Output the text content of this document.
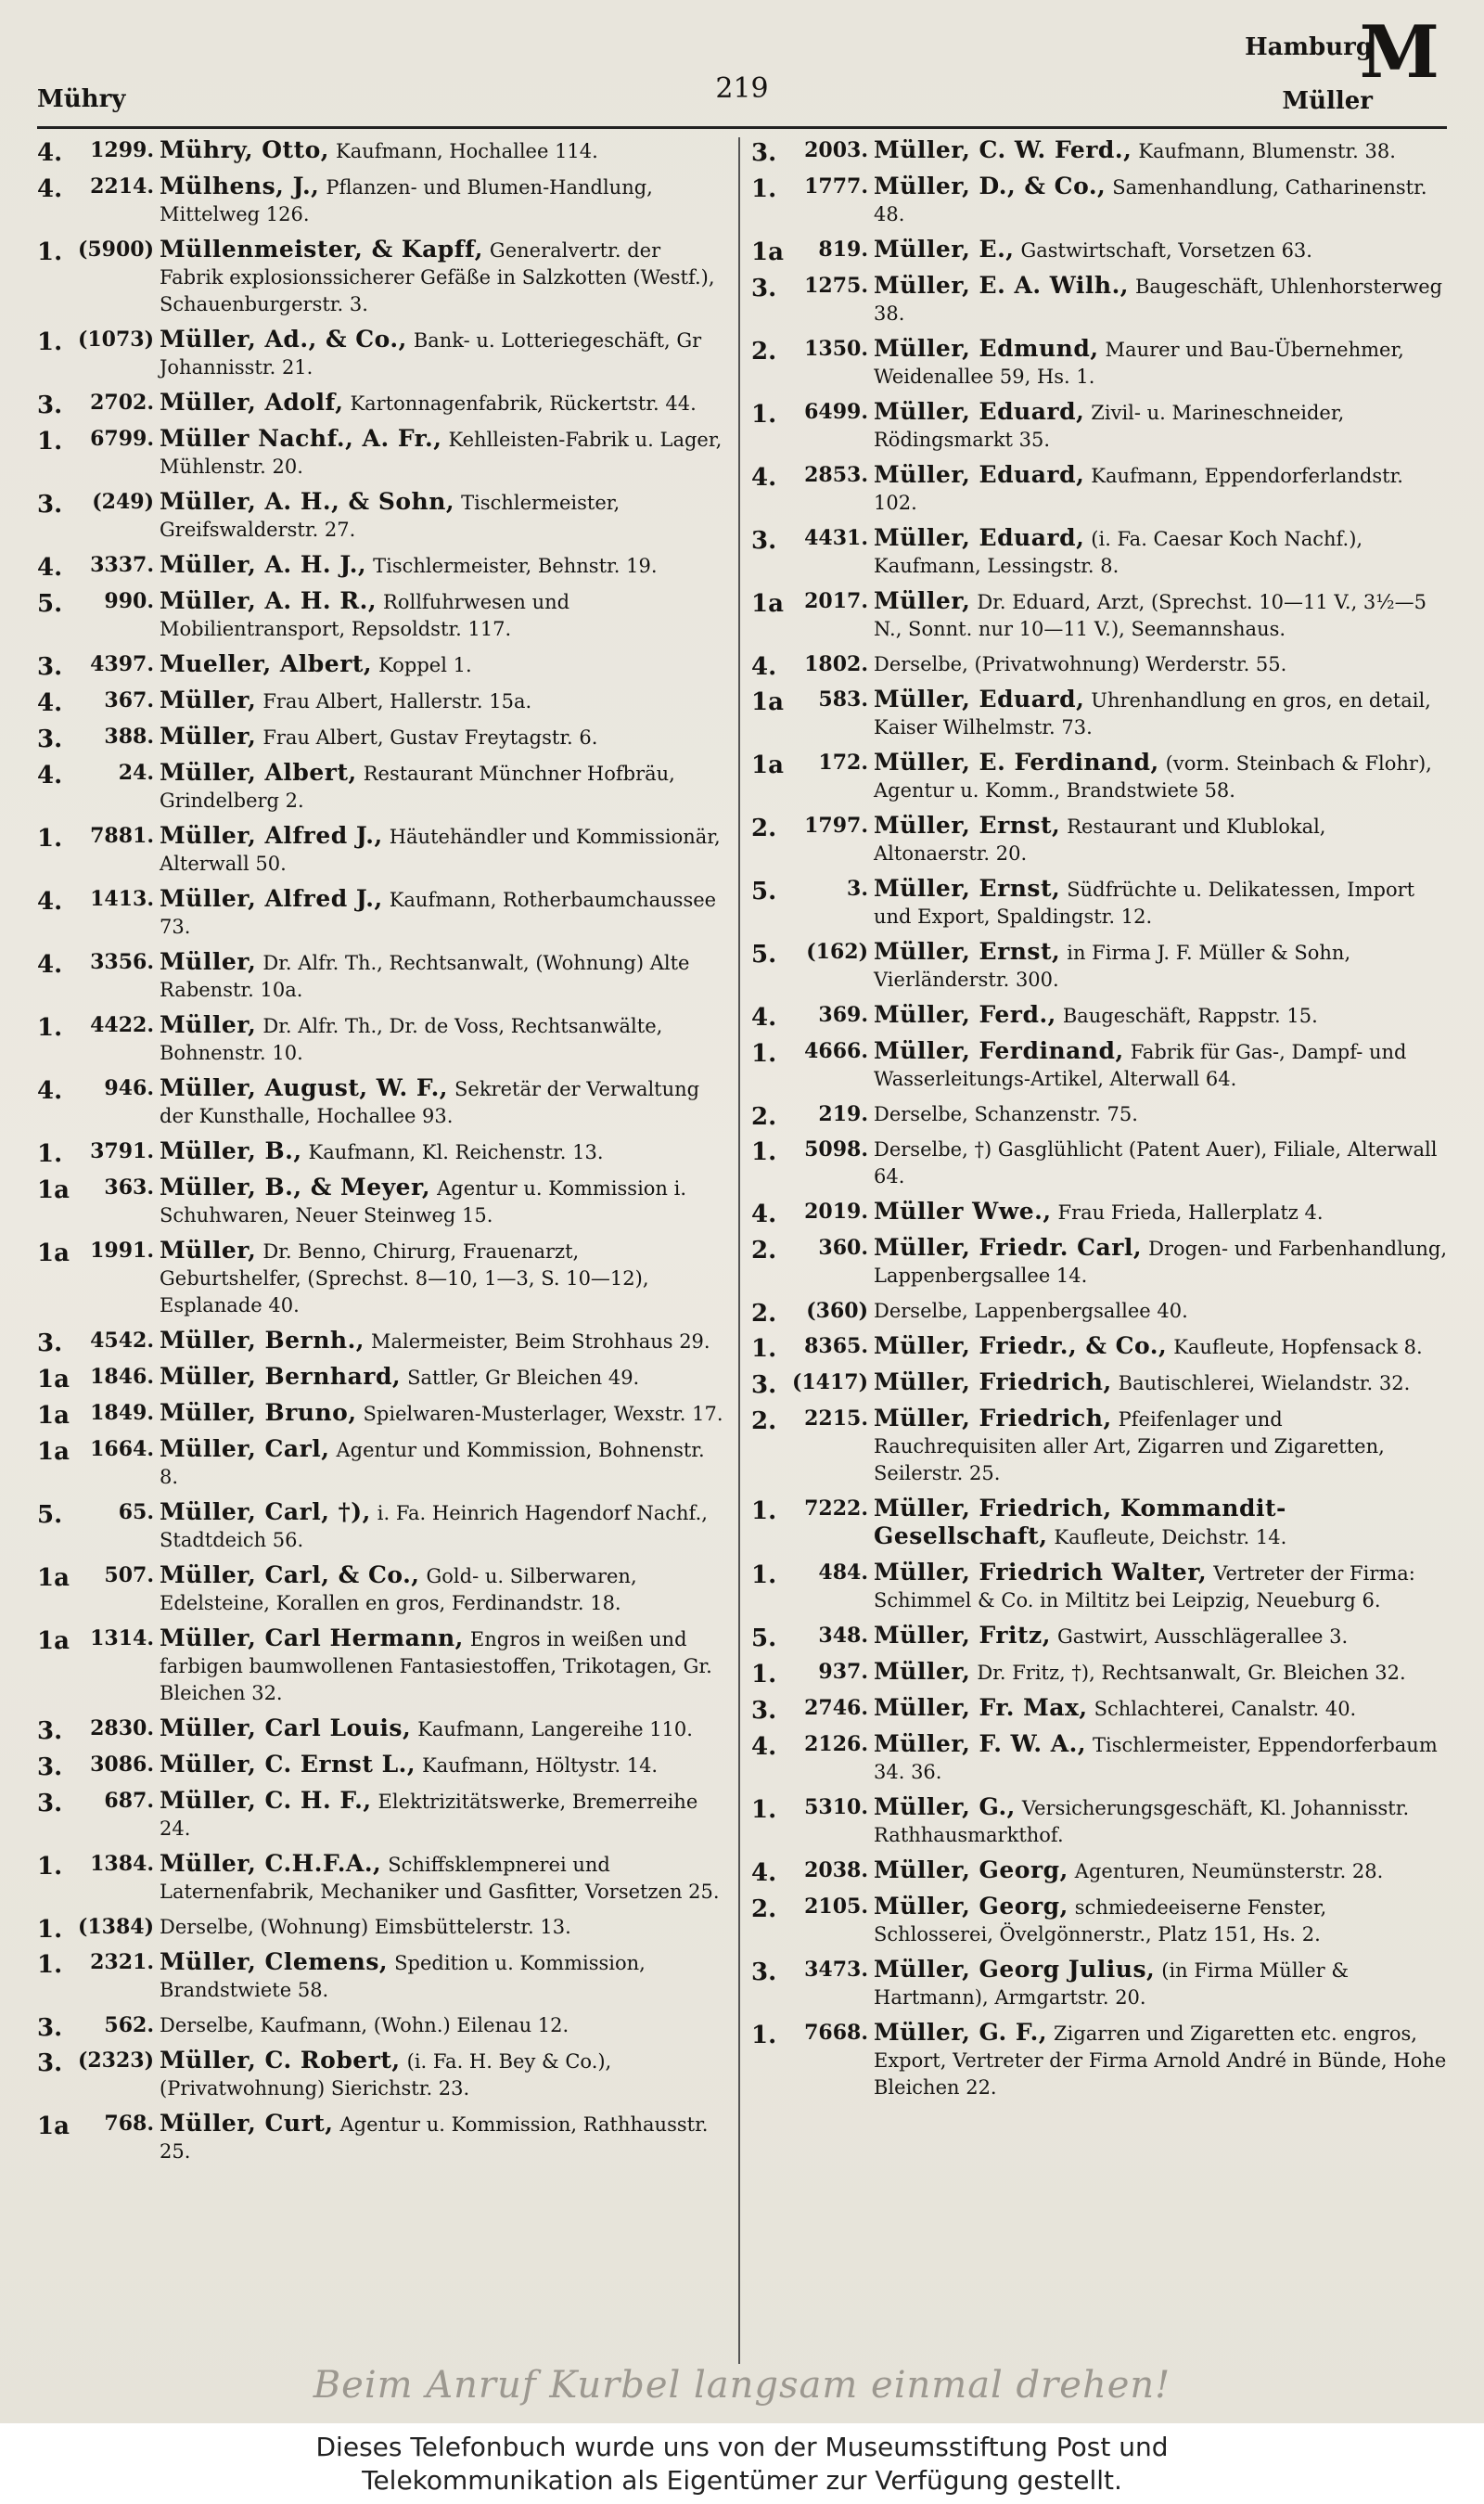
Mühry	219
Hamburg
Müller
M
4.	1299. Mühry, Otto, Kaufmann, Hochallee 114.
4.	2214. Mülhens, J., Pflanzen- und Blumen-Handlung, Mittelweg 126.
1. (5900) Müllenmeister, & Kapff, Generalvertr. der Fabrik explosionssicherer Gefäße in Salzkotten (Westf.), Schauenburgerstr. 3.
1. (1073) Müller, Ad., & Co., Bank- u. Lotteriegeschäft, Gr Johannisstr. 21.
3.	2702. Müller, Adolf, Kartonnagenfabrik, Rückertstr. 44.
1.	6799. Müller Nachf., A. Fr., Kehlleisten-Fabrik u. Lager, Mühlenstr. 20.
3.	(249) Müller, A. H., & Sohn, Tischlermeister, Greifswalderstr. 27.
4.	3337. Müller, A. H. J., Tischlermeister, Behnstr. 19.
5.	990. Müller, A. H. R., Rollfuhrwesen und Mobilientransport, Repsoldstr. 117.
3.	4397. Mueller, Albert, Koppel 1.
4.	367. Müller, Frau Albert, Hallerstr. 15a.
3.	388. Müller, Frau Albert, Gustav Freytagstr. 6.
4.	24. Müller, Albert, Restaurant Münchner Hofbräu, Grindelberg 2.
1.	7881. Müller, Alfred J., Häutehändler und Kommissionär, Alterwall 50.
4.	1413. Müller, Alfred J., Kaufmann, Rotherbaumchaussee 73.
4.	3356. Müller, Dr. Alfr. Th., Rechtsanwalt, (Wohnung) Alte Rabenstr. 10a.
1.	4422. Müller, Dr. Alfr. Th., Dr. de Voss, Rechtsanwälte, Bohnenstr. 10.
4.	946. Müller, August, W. F., Sekretär der Verwaltung der Kunsthalle, Hochallee 93.
1.	3791. Müller, B., Kaufmann, Kl. Reichenstr. 13.
1a	363. Müller, B., & Meyer, Agentur u. Kommission i. Schuhwaren, Neuer Steinweg 15.
1a	1991. Müller, Dr. Benno, Chirurg, Frauenarzt, Geburtshelfer, (Sprechst. 8—10, 1—3, S. 10—12), Esplanade 40.
3.	4542. Müller, Bernh., Malermeister, Beim Strohhaus 29.
1a	1846. Müller, Bernhard, Sattler, Gr Bleichen 49.
1a	1849. Müller, Bruno, Spielwaren-Musterlager, Wexstr. 17.
1a	1664. Müller, Carl, Agentur und Kommission, Bohnenstr. 8.
5.	65. Müller, Carl, †), i. Fa. Heinrich Hagendorf Nachf., Stadtdeich 56.
1a	507. Müller, Carl, & Co., Gold- u. Silberwaren, Edelsteine, Korallen en gros, Ferdinandstr. 18.
1a	1314. Müller, Carl Hermann, Engros in weißen und farbigen baumwollenen Fantasiestoffen, Trikotagen, Gr. Bleichen 32.
3.	2830. Müller, Carl Louis, Kaufmann, Langereihe 110.
3.	3086. Müller, C. Ernst L., Kaufmann, Höltystr. 14.
3.	687. Müller, C. H. F., Elektrizitätswerke, Bremerreihe 24.
1.	1384. Müller, C.H.F.A., Schiffsklempnerei und Laternenfabrik, Mechaniker und Gasfitter, Vorsetzen 25.
1. (1384) Derselbe, (Wohnung) Eimsbüttelerstr. 13.
1.	2321. Müller, Clemens, Spedition u. Kommission, Brandstwiete 58.
3.	562. Derselbe, Kaufmann, (Wohn.) Eilenau 12.
3. (2323) Müller, C. Robert, (i. Fa. H. Bey & Co.), (Privatwohnung) Sierichstr. 23.
1a	768. Müller, Curt, Agentur u. Kommission, Rathhausstr. 25.
3.	2003. Müller, C. W. Ferd., Kaufmann, Blumenstr. 38.
1.	1777. Müller, D., & Co., Samenhandlung, Catharinenstr. 48.
1a	819. Müller, E., Gastwirtschaft, Vorsetzen 63.
3.	1275. Müller, E. A. Wilh., Baugeschäft, Uhlenhorsterweg 38.
2.	1350. Müller, Edmund, Maurer und Bau-Übernehmer, Weidenallee 59, Hs. 1.
1.	6499. Müller, Eduard, Zivil- u. Marineschneider, Rödingsmarkt 35.
4.	2853. Müller, Eduard, Kaufmann, Eppendorferlandstr. 102.
3.	4431. Müller, Eduard, (i. Fa. Caesar Koch Nachf.), Kaufmann, Lessingstr. 8.
1a	2017. Müller, Dr. Eduard, Arzt, (Sprechst. 10—11 V., 3½—5 N., Sonnt. nur 10—11 V.), Seemannshaus.
4.	1802. Derselbe, (Privatwohnung) Werderstr. 55.
1a	583. Müller, Eduard, Uhrenhandlung en gros, en detail, Kaiser Wilhelmstr. 73.
1a	172. Müller, E. Ferdinand, (vorm. Steinbach & Flohr), Agentur u. Komm., Brandstwiete 58.
2.	1797. Müller, Ernst, Restaurant und Klublokal, Altonaerstr. 20.
5.	3. Müller, Ernst, Südfrüchte u. Delikatessen, Import und Export, Spaldingstr. 12.
5.	(162) Müller, Ernst, in Firma J. F. Müller & Sohn, Vierländerstr. 300.
4.	369. Müller, Ferd., Baugeschäft, Rappstr. 15.
1.	4666. Müller, Ferdinand, Fabrik für Gas-, Dampf- und Wasserleitungs-Artikel, Alterwall 64.
2.	219. Derselbe, Schanzenstr. 75.
1.	5098. Derselbe, †) Gasglühlicht (Patent Auer), Filiale, Alterwall 64.
4.	2019. Müller Wwe., Frau Frieda, Hallerplatz 4.
2.	360. Müller, Friedr. Carl, Drogen- und Farbenhandlung, Lappenbergsallee 14.
2.	(360) Derselbe, Lappenbergsallee 40.
1.	8365. Müller, Friedr., & Co., Kaufleute, Hopfensack 8.
3. (1417) Müller, Friedrich, Bautischlerei, Wielandstr. 32.
2.	2215. Müller, Friedrich, Pfeifenlager und Rauchrequisiten aller Art, Zigarren und Zigaretten, Seilerstr. 25.
1.	7222. Müller, Friedrich, Kommandit-Gesellschaft, Kaufleute, Deichstr. 14.
1.	484. Müller, Friedrich Walter, Vertreter der Firma: Schimmel & Co. in Miltitz bei Leipzig, Neueburg 6.
5.	348. Müller, Fritz, Gastwirt, Ausschlägerallee 3.
1.	937. Müller, Dr. Fritz, †), Rechtsanwalt, Gr. Bleichen 32.
3.	2746. Müller, Fr. Max, Schlachterei, Canalstr. 40.
4.	2126. Müller, F. W. A., Tischlermeister, Eppendorferbaum 34. 36.
1.	5310. Müller, G., Versicherungsgeschäft, Kl. Johannisstr. Rathhausmarkthof.
4.	2038. Müller, Georg, Agenturen, Neumünsterstr. 28.
2.	2105. Müller, Georg, schmiedeeiserne Fenster, Schlosserei, Övelgönnerstr., Platz 151, Hs. 2.
3.	3473. Müller, Georg Julius, (in Firma Müller & Hartmann), Armgartstr. 20.
1.	7668. Müller, G. F., Zigarren und Zigaretten etc. engros, Export, Vertreter der Firma Arnold André in Bünde, Hohe Bleichen 22.
Beim Anruf Kurbel langsam einmal drehen!
Dieses Telefonbuch wurde uns von der Museumsstiftung Post und
Telekommunikation als Eigentümer zur Verfügung gestellt.
